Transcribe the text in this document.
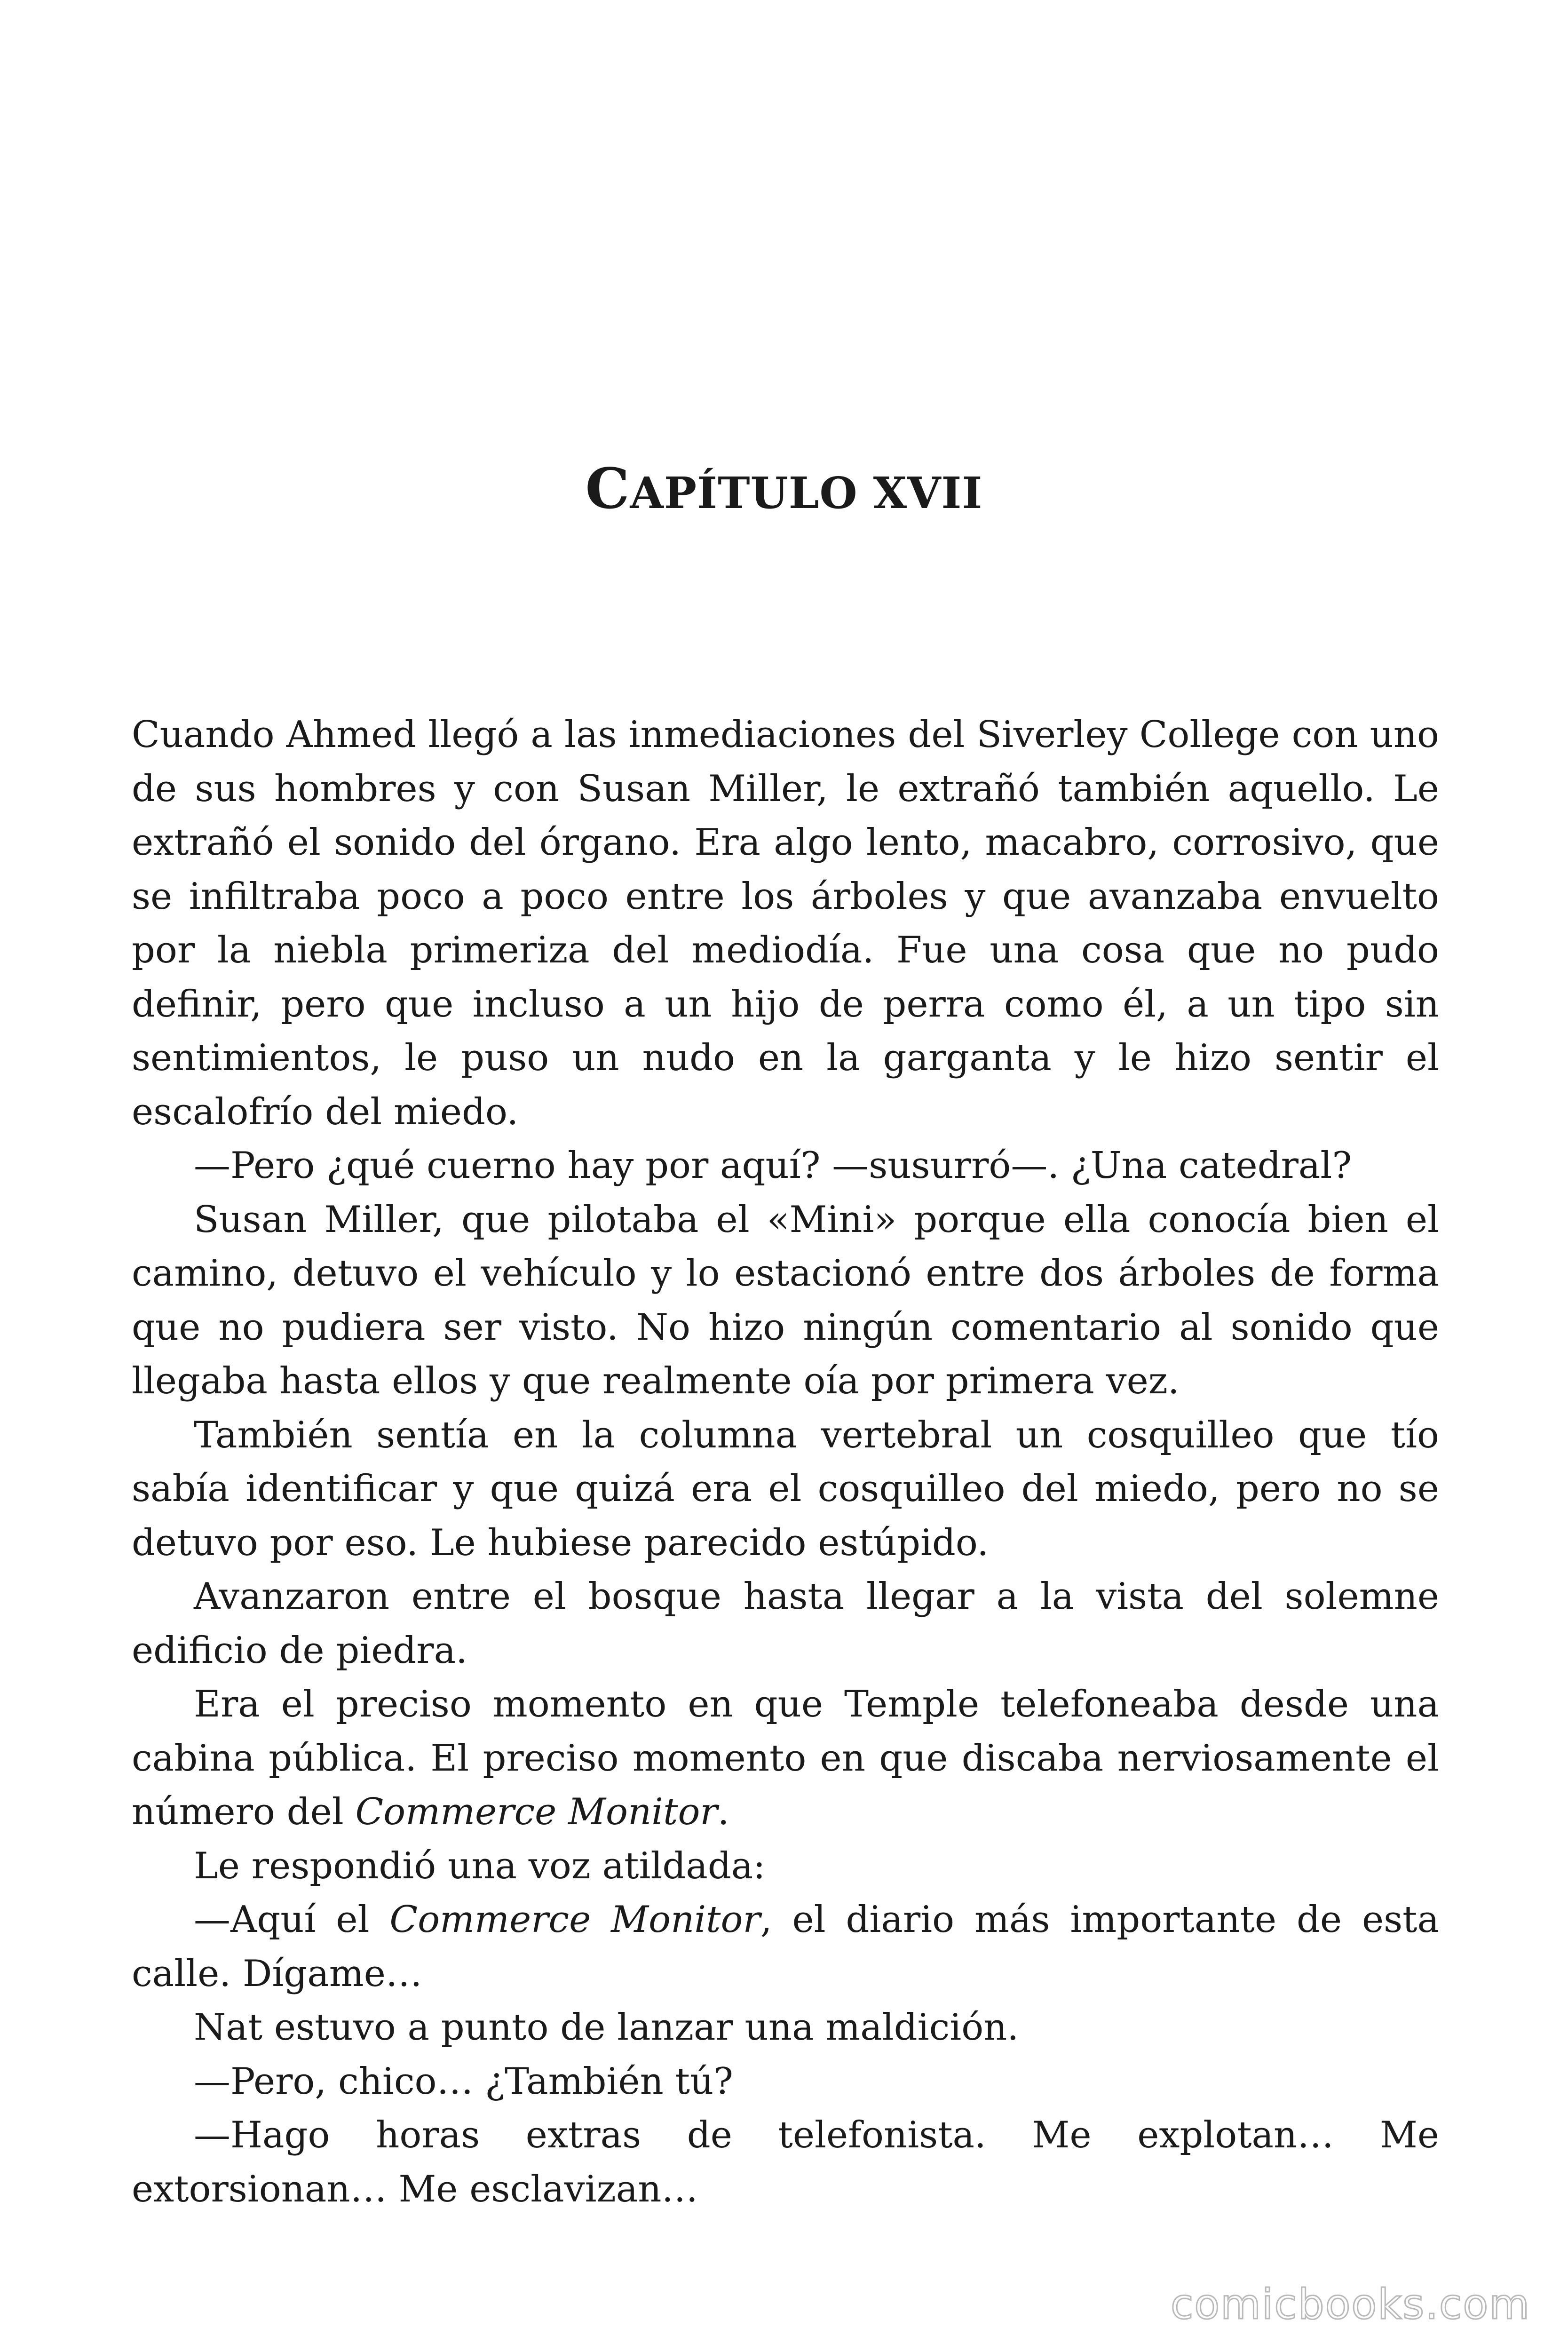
CAPÍTULO XVII

Cuando Ahmed llegó a las inmediaciones del Siverley College con uno de sus hombres y con Susan Miller, le extrañó también aquello. Le extrañó el sonido del órgano. Era algo lento, macabro, corrosivo, que se infiltraba poco a poco entre los árboles y que avanzaba envuelto por la niebla primeriza del mediodía. Fue una cosa que no pudo definir, pero que incluso a un hijo de perra como él, a un tipo sin sentimientos, le puso un nudo en la garganta y le hizo sentir el escalofrío del miedo.

—Pero ¿qué cuerno hay por aquí? —susurró—. ¿Una catedral?

Susan Miller, que pilotaba el «Mini» porque ella conocía bien el camino, detuvo el vehículo y lo estacionó entre dos árboles de forma que no pudiera ser visto. No hizo ningún comentario al sonido que llegaba hasta ellos y que realmente oía por primera vez.

También sentía en la columna vertebral un cosquilleo que tío sabía identificar y que quizá era el cosquilleo del miedo, pero no se detuvo por eso. Le hubiese parecido estúpido.

Avanzaron entre el bosque hasta llegar a la vista del solemne edificio de piedra.

Era el preciso momento en que Temple telefoneaba desde una cabina pública. El preciso momento en que discaba nerviosamente el número del Commerce Monitor.

Le respondió una voz atildada:

—Aquí el Commerce Monitor, el diario más importante de esta calle. Dígame…

Nat estuvo a punto de lanzar una maldición.

—Pero, chico… ¿También tú?

—Hago horas extras de telefonista. Me explotan… Me extorsionan… Me esclavizan…

comicbooks.com
